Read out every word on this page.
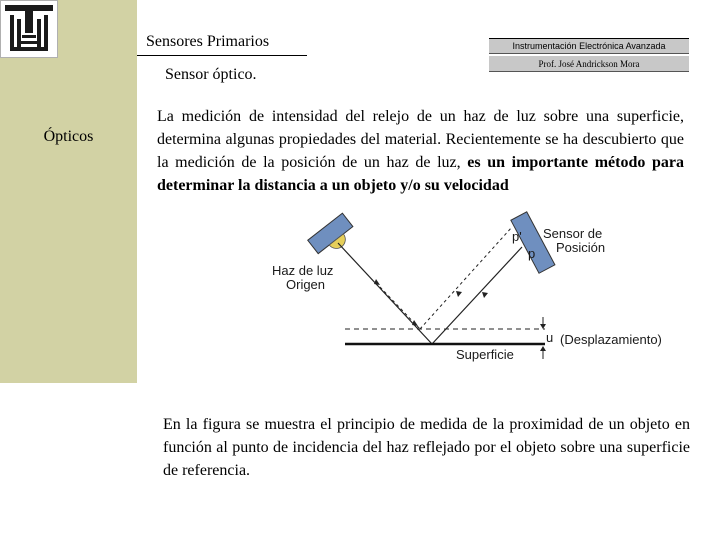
Ópticos
Sensores Primarios	Instrumentación Electrónica Avanzada
Prof. José Andrickson Mora
Sensor óptico.
La medición de intensidad del relejo de un haz de luz sobre una superficie, determina algunas propiedades del material. Recientemente se ha descubierto que la medición de la posición de un haz de luz, es un importante método para determinar la distancia a un objeto y/o su velocidad
Haz de luz
Origen
Sensor de
Posición
p'
p
Superficie
u (Desplazamiento)
En la figura se muestra el principio de medida de la proximidad de un objeto en función al punto de incidencia del haz reflejado por el objeto sobre una superficie de referencia.
